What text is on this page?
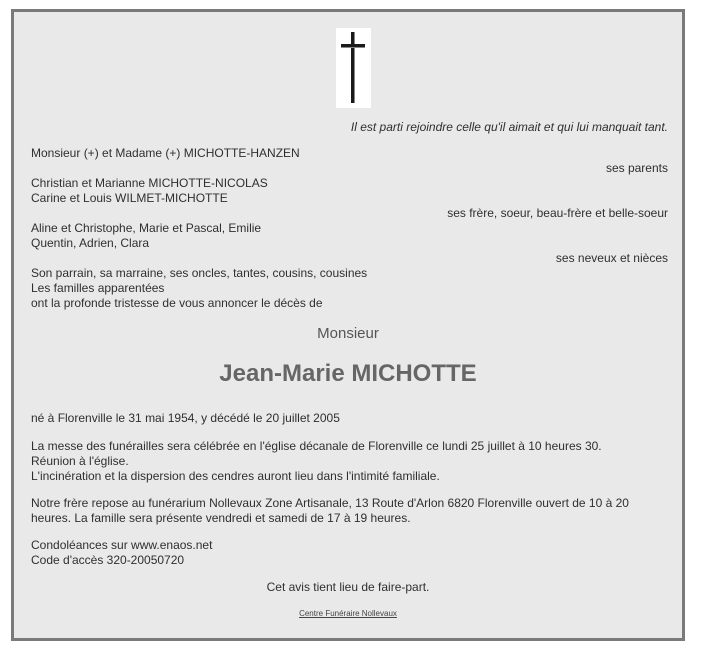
Il est parti rejoindre celle qu'il aimait et qui lui manquait tant.
Monsieur (+) et Madame (+) MICHOTTE-HANZEN
ses parents
Christian et Marianne MICHOTTE-NICOLAS
Carine et Louis WILMET-MICHOTTE
ses frère, soeur, beau-frère et belle-soeur
Aline et Christophe, Marie et Pascal, Emilie
Quentin, Adrien, Clara
ses neveux et nièces
Son parrain, sa marraine, ses oncles, tantes, cousins, cousines
Les familles apparentées
ont la profonde tristesse de vous annoncer le décès de
Monsieur
Jean-Marie MICHOTTE
né à Florenville le 31 mai 1954, y décédé le 20 juillet 2005
La messe des funérailles sera célébrée en l'église décanale de Florenville ce lundi 25 juillet à 10 heures 30.
Réunion à l'église.
L'incinération et la dispersion des cendres auront lieu dans l'intimité familiale.
Notre frère repose au funérarium Nollevaux Zone Artisanale, 13 Route d'Arlon 6820 Florenville ouvert de 10 à 20
heures. La famille sera présente vendredi et samedi de 17 à 19 heures.
Condoléances sur www.enaos.net
Code d'accès 320-20050720
Cet avis tient lieu de faire-part.
Centre Funéraire Nollevaux
